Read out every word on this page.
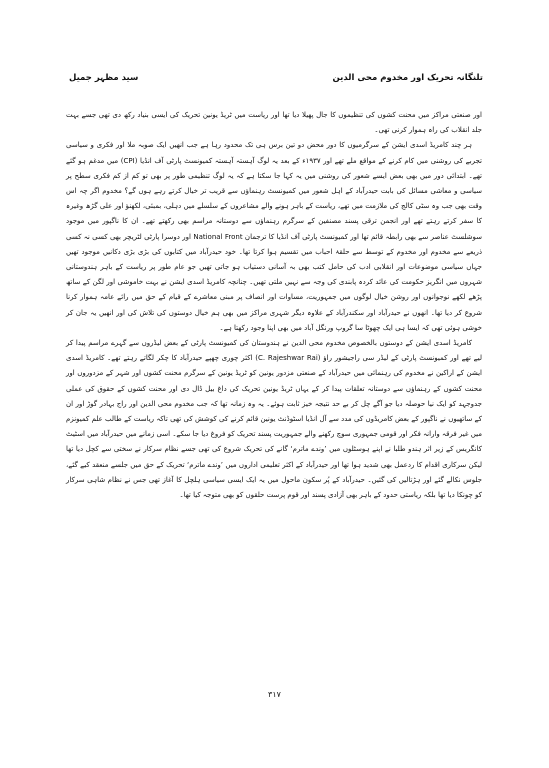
سید مظہر جمیل	تلنگانہ تحریک اور مخدوم محی الدین

اور صنعتی مراکز میں محنت کشوں کی تنظیموں کا جال پھیلا دیا تھا اور ریاست میں ٹریڈ یونین تحریک کی ایسی بنیاد رکھ دی تھی جسے بہت جلد انقلاب کی راہ ہموار کرنی تھی۔

ہر چند کامریڈ اسدی ایشن کے سرگرمیوں کا دور محض دو تین برس ہی تک محدود رہا ہے جب انھیں ایک صوبہ ملا اور فکری و سیاسی تجربے کی روشنی میں کام کرنے کے مواقع ملے تھے اور ۱۹۳۷ء کے بعد یہ لوگ آہستہ آہستہ کمیونسٹ پارٹی آف انڈیا (CPI) میں مدغم ہو گئے تھے۔ ابتدائی دور میں بھی بعض ایسے شعور کی روشنی میں یہ کہا جا سکتا ہے کہ یہ لوگ تنظیمی طور پر بھی تو کم از کم فکری سطح پر سیاسی و معاشی مسائل کی بابت حیدرآباد کے اہل شعور میں کمیونسٹ رہنماؤں سے قریب تر خیال کرتے رہے ہوں گے؟ مخدوم اگر چہ اس وقت بھی جب وہ سٹی کالج کی ملازمت میں تھے، ریاست کے باہر ہونے والے مشاعروں کے سلسلے میں دہلی، بمبئی، لکھنؤ اور علی گڑھ وغیرہ کا سفر کرتے رہتے تھے اور انجمن ترقی پسند مصنفین کے سرگرم رہنماؤں سے دوستانہ مراسم بھی رکھتے تھے۔ ان کا ناگپور میں موجود سوشلسٹ عناصر سے بھی رابطہ قائم تھا اور کمیونسٹ پارٹی آف انڈیا کا ترجمان National Front اور دوسرا پارٹی لٹریچر بھی کسی نہ کسی ذریعے سے مخدوم اور مخدوم کے توسط سے حلقۂ احباب میں تقسیم ہوا کرتا تھا۔ خود حیدرآباد میں کتابوں کی بڑی بڑی دکانیں موجود تھیں جہاں سیاسی موضوعات اور انقلابی ادب کی حامل کتب بھی بہ آسانی دستیاب ہو جاتی تھیں جو عام طور پر ریاست کے باہر ہندوستانی شہروں میں انگریز حکومت کی عائد کردہ پابندی کی وجہ سے نہیں ملتی تھیں۔ چنانچہ کامریڈ اسدی ایشن نے بہت خاموشی اور لگن کے ساتھ پڑھے لکھے نوجوانوں اور روشن خیال لوگوں میں جمہوریت، مساوات اور انصاف پر مبنی معاشرے کے قیام کے حق میں رائے عامہ ہموار کرنا شروع کر دیا تھا۔ انھوں نے حیدرآباد اور سکندرآباد کے علاوہ دیگر شہری مراکز میں بھی ہم خیال دوستوں کی تلاش کی اور انھیں یہ جان کر خوشی ہوئی تھی کہ ایسا ہی ایک چھوٹا سا گروپ ورنگل آباد میں بھی اپنا وجود رکھتا ہے۔

کامریڈ اسدی ایشن کے دوستوں بالخصوص مخدوم محی الدین نے ہندوستان کی کمیونسٹ پارٹی کے بعض لیڈروں سے گہرے مراسم پیدا کر لیے تھے اور کمیونسٹ پارٹی کے لیڈر سی راجیشور راؤ (C. Rajeshwar Rai) اکثر چوری چھپے حیدرآباد کا چکر لگاتے رہتے تھے۔ کامریڈ اسدی ایشن کے اراکین نے مخدوم کی رہنمائی میں حیدرآباد کے صنعتی مزدور یونین کو ٹریڈ یونین کے سرگرم محنت کشوں اور شہر کے مزدوروں اور محنت کشوں کے رہنماؤں سے دوستانہ تعلقات پیدا کر کے یہاں ٹریڈ یونین تحریک کی داغ بیل ڈال دی اور محنت کشوں کے حقوق کی عملی جدوجہد کو ایک نیا حوصلہ دیا جو آگے چل کر بے حد نتیجہ خیز ثابت ہوئے۔ یہ وہ زمانہ تھا کہ جب مخدوم محی الدین اور راج بہادر گوڑ اور ان کے ساتھیوں نے ناگپور کے بعض کامریڈوں کی مدد سے آل انڈیا اسٹوڈنٹ یونین قائم کرنے کی کوشش کی تھی تاکہ ریاست کے طالب علم کمیونزم میں غیر فرقہ وارانہ فکر اور قومی جمہوری سوچ رکھنے والے جمہوریت پسند تحریک کو فروغ دیا جا سکے۔ اسی زمانے میں حیدرآباد میں اسٹیٹ کانگریس کے زیر اثر ہندو طلبا نے اپنے ہوسٹلوں میں ’وندے ماترم‘ گانے کی تحریک شروع کی تھی جسے نظام سرکار نے سختی سے کچل دیا تھا لیکن سرکاری اقدام کا ردعمل بھی شدید ہوا تھا اور حیدرآباد کے اکثر تعلیمی اداروں میں ’وندے ماترم‘ تحریک کے حق میں جلسے منعقد کیے گئے، جلوس نکالے گئے اور ہڑتالیں کی گئیں۔ حیدرآباد کے پُر سکون ماحول میں یہ ایک ایسی سیاسی ہلچل کا آغاز تھی جس نے نظام شاہی سرکار کو چونکا دیا تھا بلکہ ریاستی حدود کے باہر بھی آزادی پسند اور قوم پرست حلقوں کو بھی متوجہ کیا تھا۔

۳۱۷
